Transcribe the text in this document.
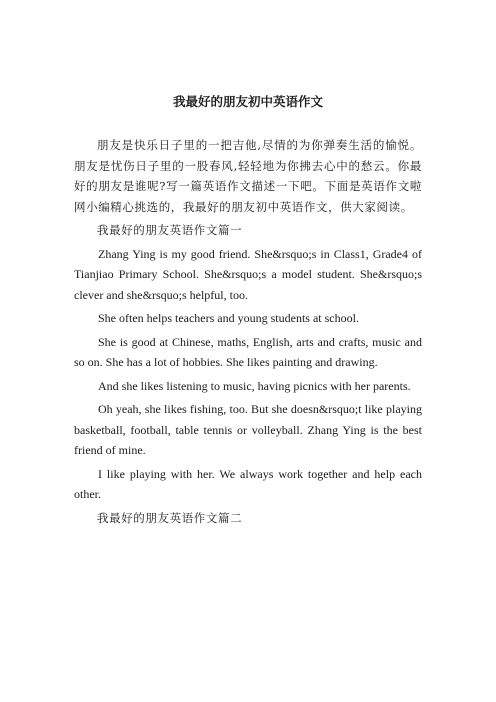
我最好的朋友初中英语作文

朋友是快乐日子里的一把吉他,尽情的为你弹奏生活的愉悦。 朋友是忧伤日子里的一股春风,轻轻地为你拂去心中的愁云。你最好的朋友是谁呢?写一篇英语作文描述一下吧。下面是英语作文啦网小编精心挑选的，我最好的朋友初中英语作文，供大家阅读。

我最好的朋友英语作文篇一

Zhang Ying is my good friend. She&rsquo;s in Class1, Grade4 of Tianjiao Primary School. She&rsquo;s a model student. She&rsquo;s clever and she&rsquo;s helpful, too.

She often helps teachers and young students at school.

She is good at Chinese, maths, English, arts and crafts, music and so on. She has a lot of hobbies. She likes painting and drawing.

And she likes listening to music, having picnics with her parents.

Oh yeah, she likes fishing, too. But she doesn&rsquo;t like playing basketball, football, table tennis or volleyball. Zhang Ying is the best friend of mine.

I like playing with her. We always work together and help each other.

我最好的朋友英语作文篇二
